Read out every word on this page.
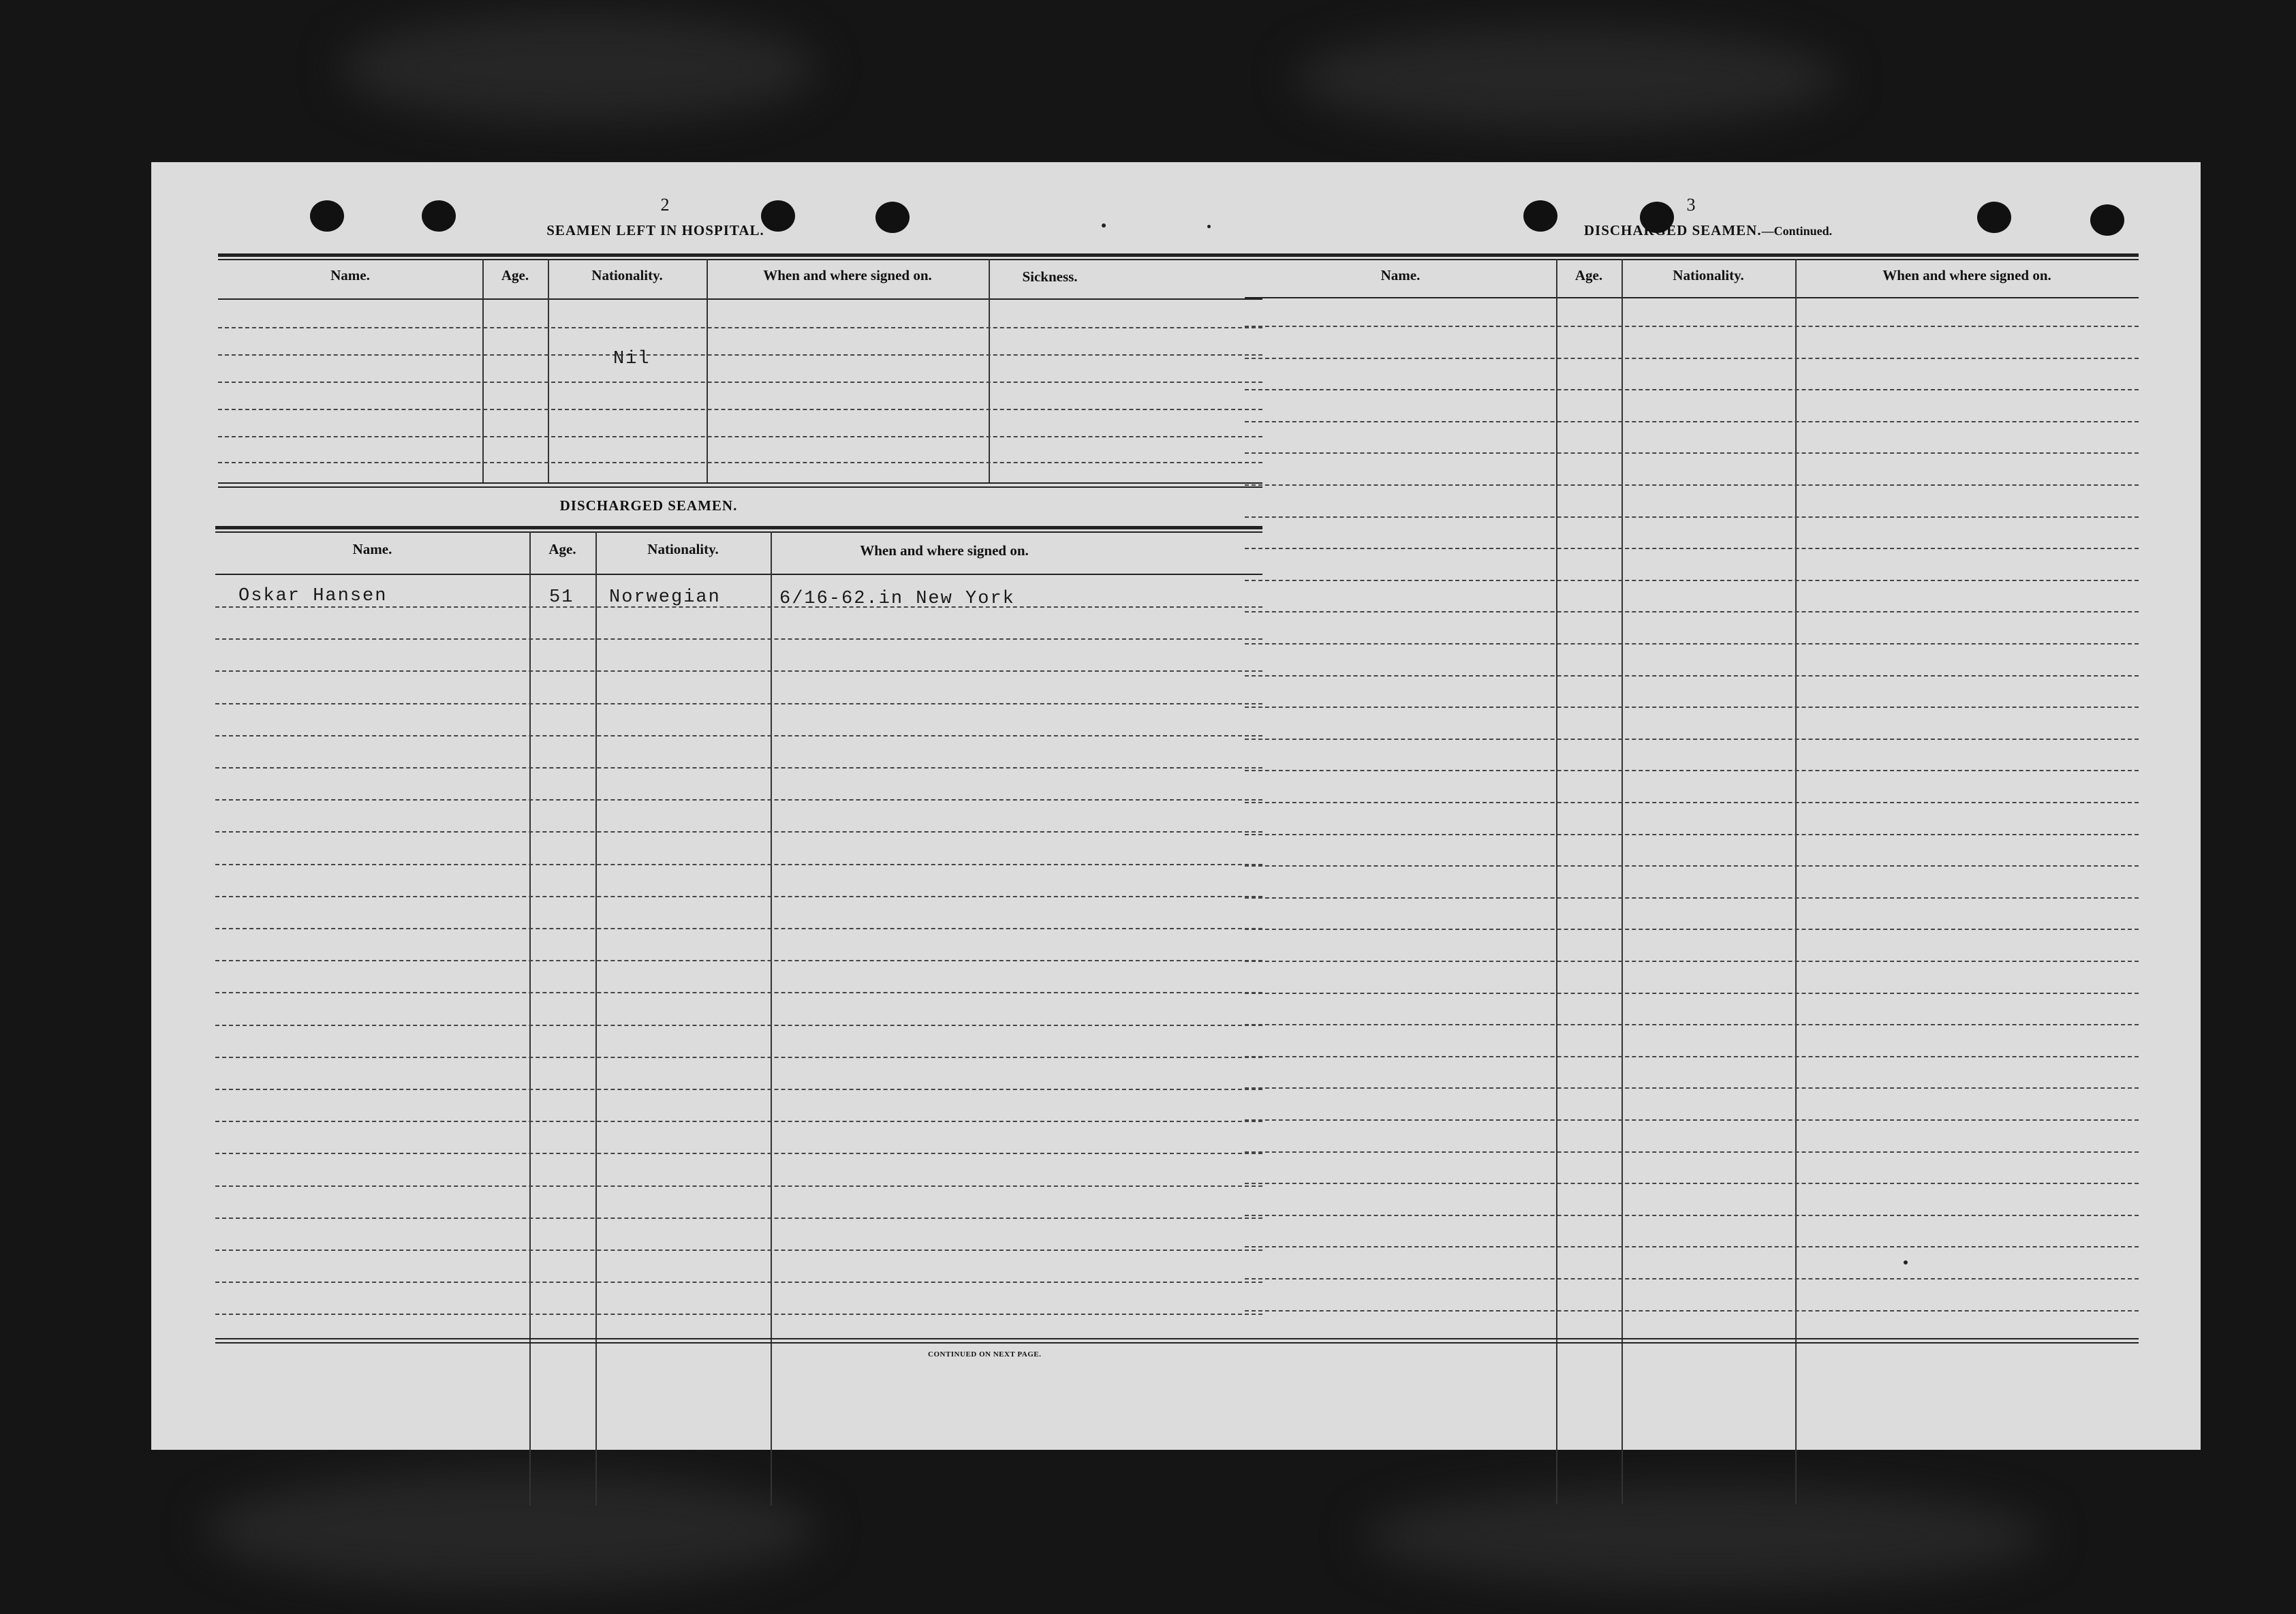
2
SEAMEN LEFT IN HOSPITAL.
Name.	Age.	Nationality.	When and where signed on.	Sickness.
Nil
DISCHARGED SEAMEN.
Name.	Age.	Nationality.	When and where signed on.
Oskar Hansen	51 Norwegian	6/16-62.in New York
CONTINUED ON NEXT PAGE.
3
DISCHARGED SEAMEN.—Continued.
Name.	Age.	Nationality.	When and where signed on.
